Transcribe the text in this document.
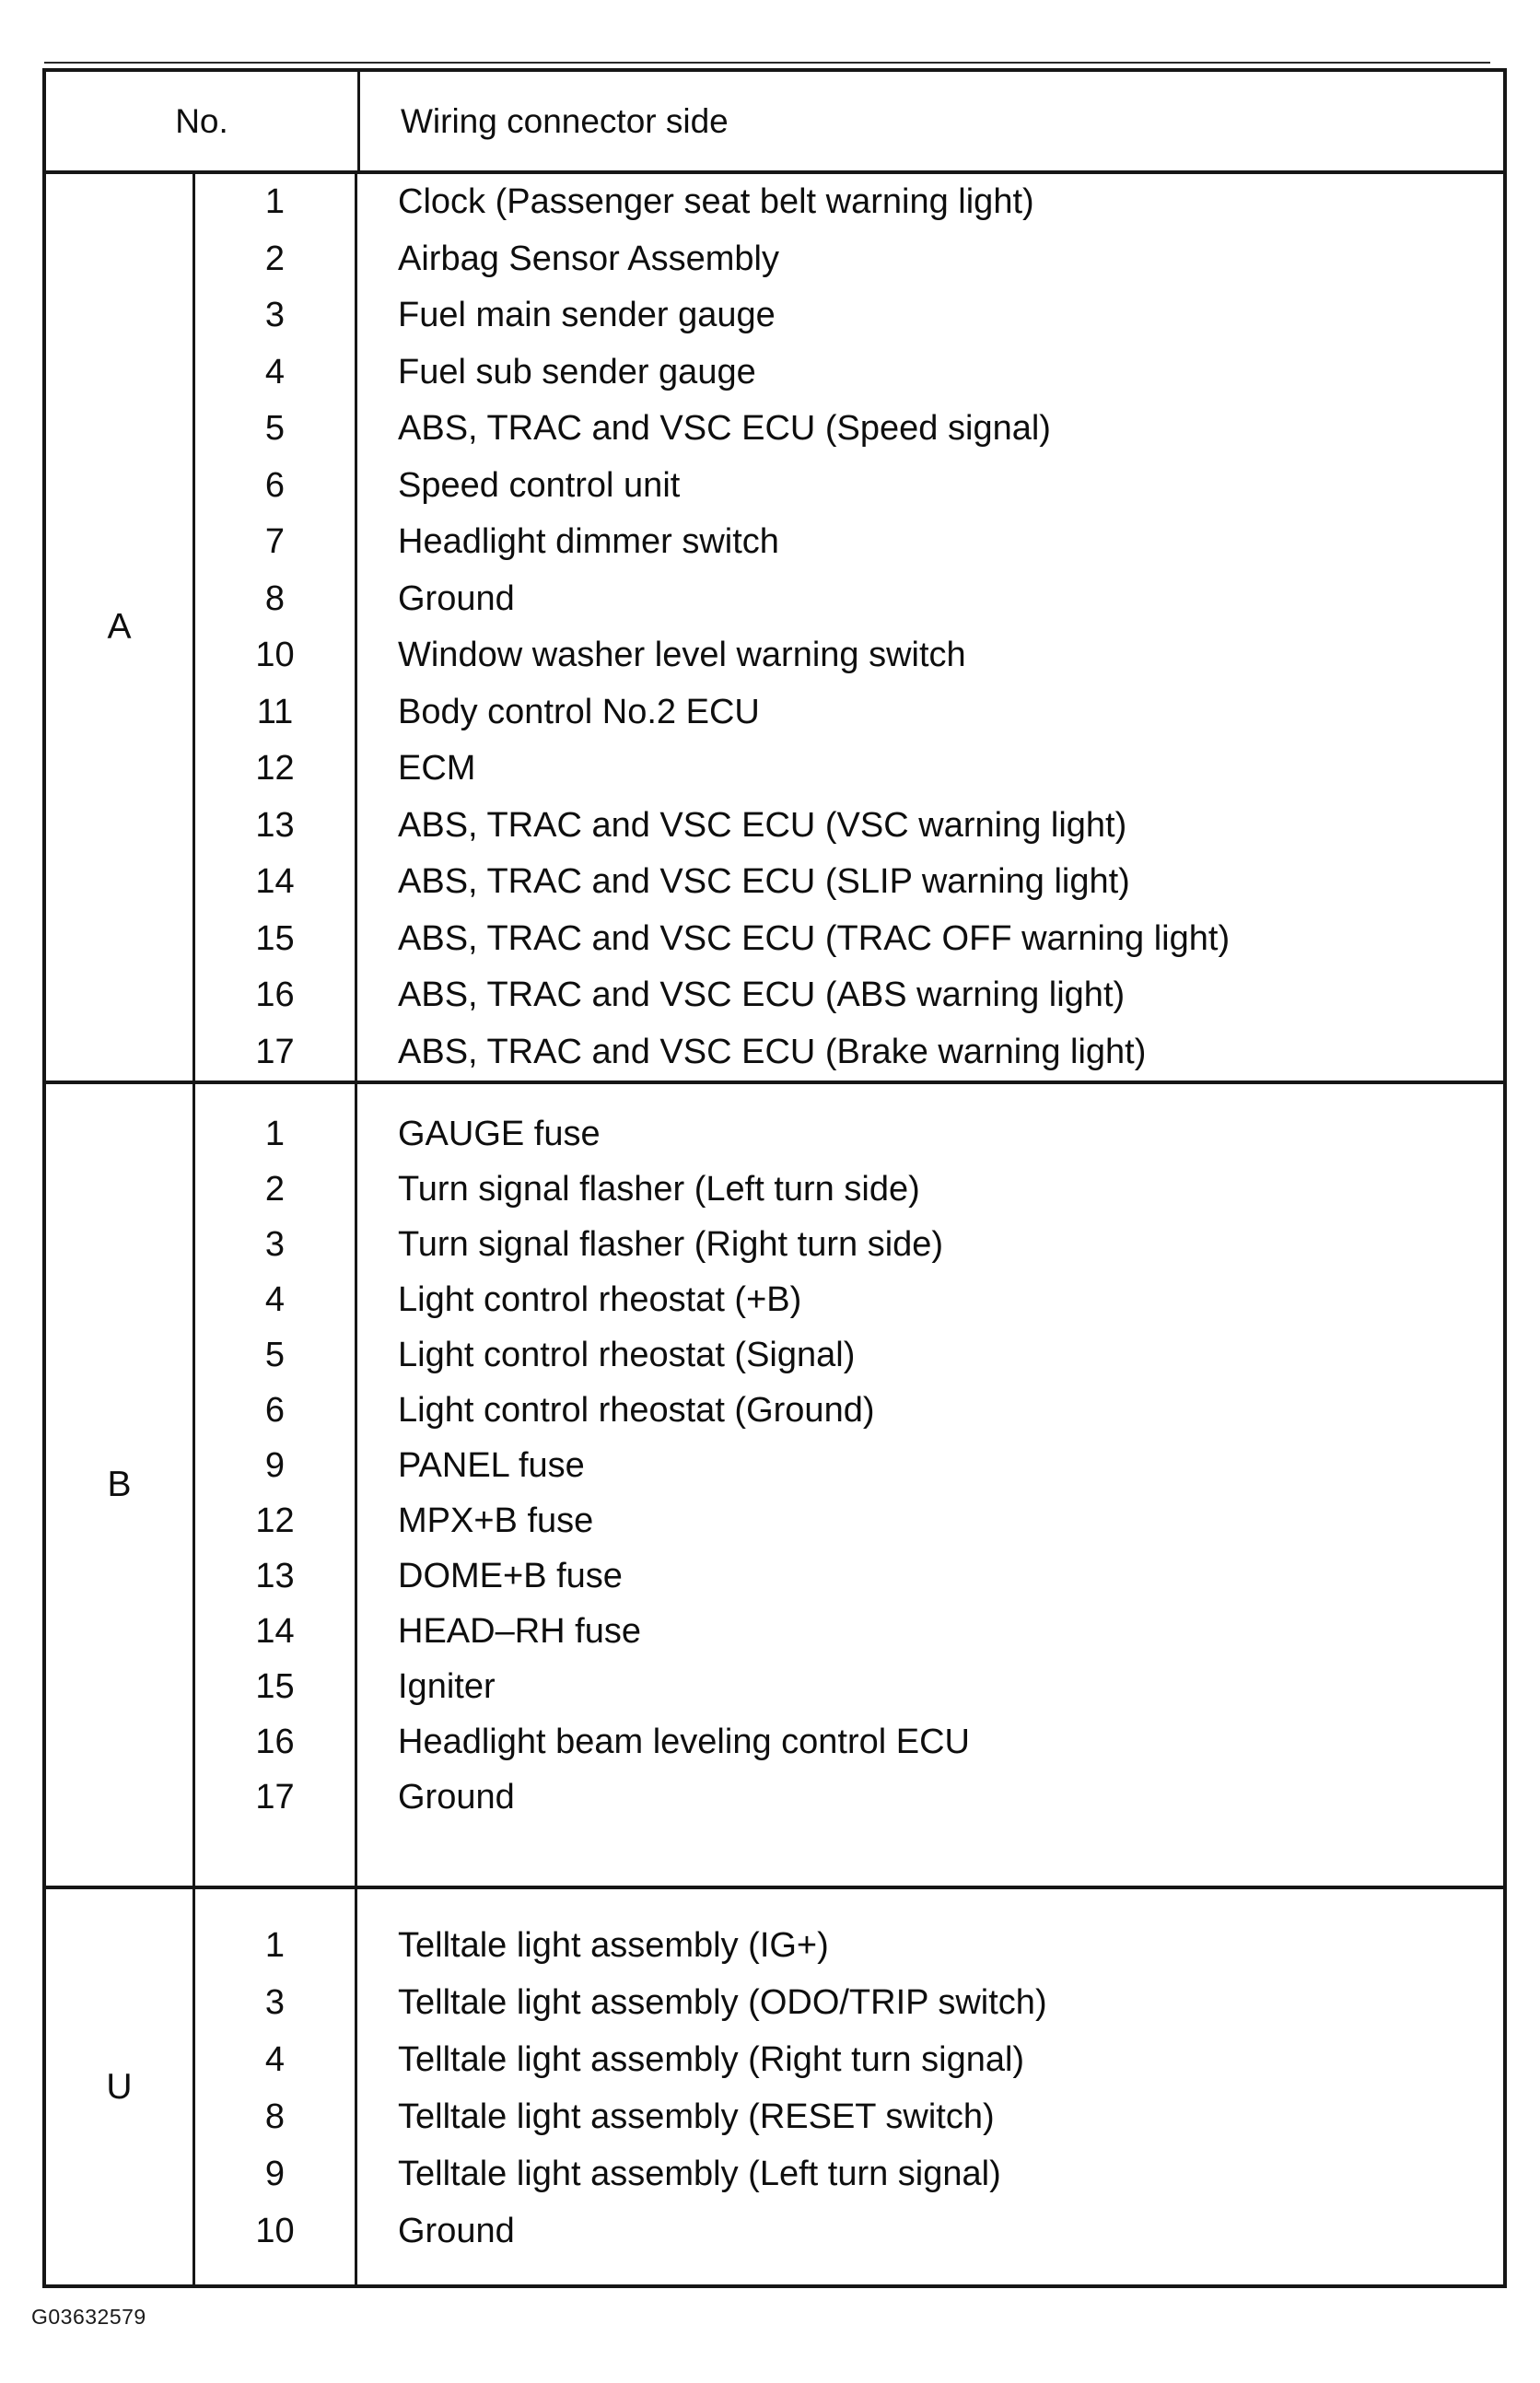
No.	Wiring connector side
A
1
2
3
4
5
6
7
8
10
11
12
13
14
15
16
17
Clock (Passenger seat belt warning light)
Airbag Sensor Assembly
Fuel main sender gauge
Fuel sub sender gauge
ABS, TRAC and VSC ECU (Speed signal)
Speed control unit
Headlight dimmer switch
Ground
Window washer level warning switch
Body control No.2 ECU
ECM
ABS, TRAC and VSC ECU (VSC warning light)
ABS, TRAC and VSC ECU (SLIP warning light)
ABS, TRAC and VSC ECU (TRAC OFF warning light)
ABS, TRAC and VSC ECU (ABS warning light)
ABS, TRAC and VSC ECU (Brake warning light)
B
1
2
3
4
5
6
9
12
13
14
15
16
17
GAUGE fuse
Turn signal flasher (Left turn side)
Turn signal flasher (Right turn side)
Light control rheostat (+B)
Light control rheostat (Signal)
Light control rheostat (Ground)
PANEL fuse
MPX+B fuse
DOME+B fuse
HEAD–RH fuse
Igniter
Headlight beam leveling control ECU
Ground
U
1
3
4
8
9
10
Telltale light assembly (IG+)
Telltale light assembly (ODO/TRIP switch)
Telltale light assembly (Right turn signal)
Telltale light assembly (RESET switch)
Telltale light assembly (Left turn signal)
Ground
G03632579
